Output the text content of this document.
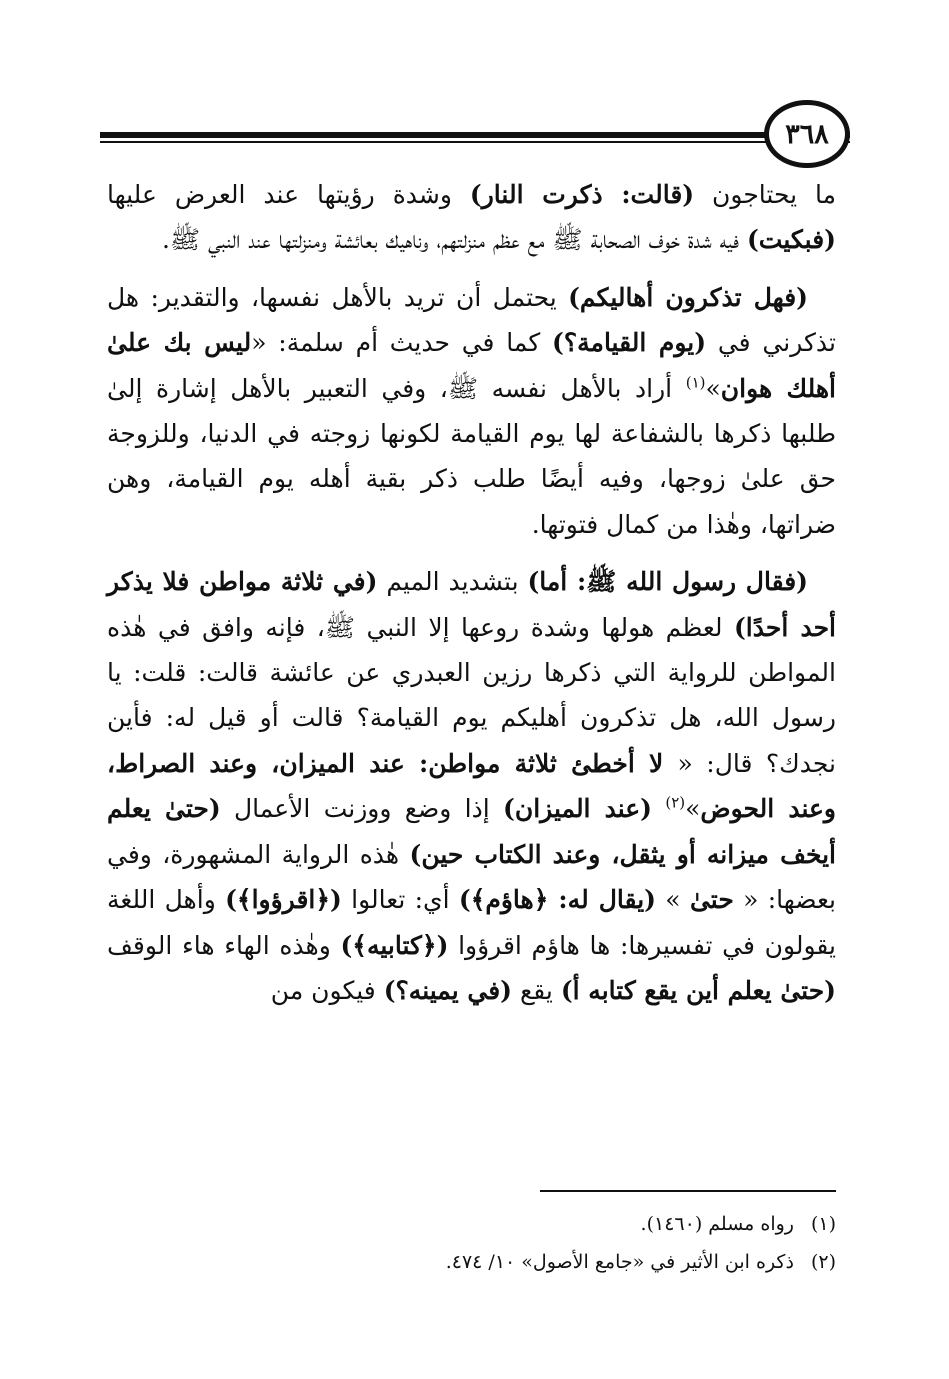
٣٦٨

ما يحتاجون (قالت: ذكرت النار) وشدة رؤيتها عند العرض عليها (فبكيت) فيه شدة خوف الصحابة ﷺ مع عظم منزلتهم، وناهيك بعائشة ومنزلتها عند النبي ﷺ.

(فهل تذكرون أهاليكم) يحتمل أن تريد بالأهل نفسها، والتقدير: هل تذكرني في (يوم القيامة؟) كما في حديث أم سلمة: «ليس بك علىٰ أهلك هوان»$^{(١)}$ أراد بالأهل نفسه ﷺ، وفي التعبير بالأهل إشارة إلىٰ طلبها ذكرها بالشفاعة لها يوم القيامة لكونها زوجته في الدنيا، وللزوجة حق علىٰ زوجها، وفيه أيضًا طلب ذكر بقية أهله يوم القيامة، وهن ضراتها، وهٰذا من كمال فتوتها.

(فقال رسول الله ﷺ: أما) بتشديد الميم (في ثلاثة مواطن فلا يذكر أحد أحدًا) لعظم هولها وشدة روعها إلا النبي ﷺ، فإنه وافق في هٰذه المواطن للرواية التي ذكرها رزين العبدري عن عائشة قالت: قلت: يا رسول الله، هل تذكرون أهليكم يوم القيامة؟ قالت أو قيل له: فأين نجدك؟ قال: « لا أخطئ ثلاثة مواطن: عند الميزان، وعند الصراط، وعند الحوض»$^{(٢)}$ (عند الميزان) إذا وضع ووزنت الأعمال (حتىٰ يعلم أيخف ميزانه أو يثقل، وعند الكتاب حين) هٰذه الرواية المشهورة، وفي بعضها: « حتىٰ » (يقال له: ﴿هاؤم﴾) أي: تعالوا (﴿اقرؤوا﴾) وأهل اللغة يقولون في تفسيرها: ها هاؤم اقرؤوا (﴿كتابيه﴾) وهٰذه الهاء هاء الوقف (حتىٰ يعلم أين يقع كتابه أ) يقع (في يمينه؟) فيكون من

(١) رواه مسلم (١٤٦٠).

(٢) ذكره ابن الأثير في «جامع الأصول» ١٠/ ٤٧٤.
